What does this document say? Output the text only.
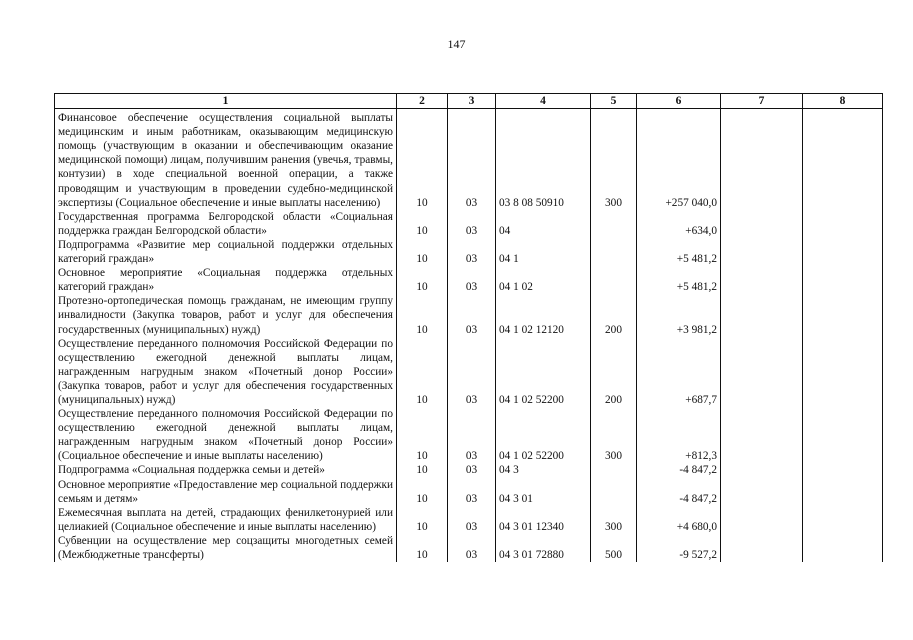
147
1	2	3	4	5	6	7	8
Финансовое обеспечение осуществления социальной выплаты медицинским и иным работникам, оказывающим медицинскую помощь (участвующим в оказании и обеспечивающим оказание медицинской помощи) лицам, получившим ранения (увечья, травмы, контузии) в ходе специальной военной операции, а также проводящим и участвующим в проведении судебно-медицинской экспертизы (Социальное обеспечение и иные выплаты населению)	10	03	03 8 08 50910	300	+257 040,0		
Государственная программа Белгородской области «Социальная поддержка граждан Белгородской области»	10	03	04		+634,0		
Подпрограмма «Развитие мер социальной поддержки отдельных категорий граждан»	10	03	04 1		+5 481,2		
Основное мероприятие «Социальная поддержка отдельных категорий граждан»	10	03	04 1 02		+5 481,2		
Протезно-ортопедическая помощь гражданам, не имеющим группу инвалидности (Закупка товаров, работ и услуг для обеспечения государственных (муниципальных) нужд)	10	03	04 1 02 12120	200	+3 981,2		
Осуществление переданного полномочия Российской Федерации по осуществлению ежегодной денежной выплаты лицам, награжденным нагрудным знаком «Почетный донор России» (Закупка товаров, работ и услуг для обеспечения государственных (муниципальных) нужд)	10	03	04 1 02 52200	200	+687,7		
Осуществление переданного полномочия Российской Федерации по осуществлению ежегодной денежной выплаты лицам, награжденным нагрудным знаком «Почетный донор России» (Социальное обеспечение и иные выплаты населению)	10	03	04 1 02 52200	300	+812,3		
Подпрограмма «Социальная поддержка семьи и детей»	10	03	04 3		-4 847,2		
Основное мероприятие «Предоставление мер социальной поддержки семьям и детям»	10	03	04 3 01		-4 847,2		
Ежемесячная выплата на детей, страдающих фенилкетонурией или целиакией (Социальное обеспечение и иные выплаты населению)	10	03	04 3 01 12340	300	+4 680,0		
Субвенции на осуществление мер соцзащиты многодетных семей (Межбюджетные трансферты)	10	03	04 3 01 72880	500	-9 527,2		
